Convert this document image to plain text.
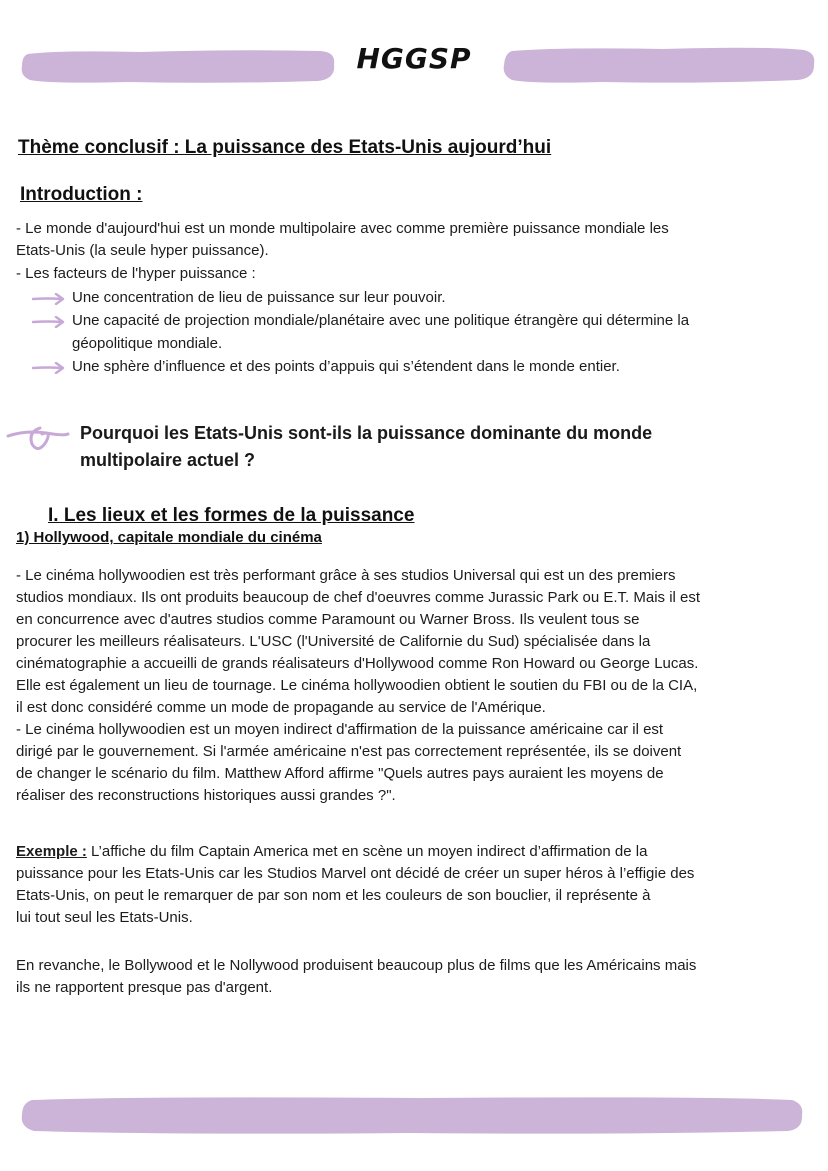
HGGSP
Thème conclusif : La puissance des Etats-Unis aujourd’hui
Introduction :
- Le monde d'aujourd'hui est un monde multipolaire avec comme première puissance mondiale les
Etats-Unis (la seule hyper puissance).
- Les facteurs de l'hyper puissance :
Une concentration de lieu de puissance sur leur pouvoir.
Une capacité de projection mondiale/planétaire avec une politique étrangère qui détermine la
géopolitique mondiale.
Une sphère d’influence et des points d’appuis qui s’étendent dans le monde entier.
Pourquoi les Etats-Unis sont-ils la puissance dominante du monde
multipolaire actuel ?
I. Les lieux et les formes de la puissance
1) Hollywood, capitale mondiale du cinéma
- Le cinéma hollywoodien est très performant grâce à ses studios Universal qui est un des premiers
studios mondiaux. Ils ont produits beaucoup de chef d'oeuvres comme Jurassic Park ou E.T. Mais il est
en concurrence avec d'autres studios comme Paramount ou Warner Bross. Ils veulent tous se
procurer les meilleurs réalisateurs. L'USC (l'Université de Californie du Sud) spécialisée dans la
cinématographie a accueilli de grands réalisateurs d'Hollywood comme Ron Howard ou George Lucas.
Elle est également un lieu de tournage. Le cinéma hollywoodien obtient le soutien du FBI ou de la CIA,
il est donc considéré comme un mode de propagande au service de l'Amérique.
- Le cinéma hollywoodien est un moyen indirect d'affirmation de la puissance américaine car il est
dirigé par le gouvernement. Si l'armée américaine n'est pas correctement représentée, ils se doivent
de changer le scénario du film. Matthew Afford affirme "Quels autres pays auraient les moyens de
réaliser des reconstructions historiques aussi grandes ?".
Exemple : L’affiche du film Captain America met en scène un moyen indirect d’affirmation de la
puissance pour les Etats-Unis car les Studios Marvel ont décidé de créer un super héros à l’effigie des
Etats-Unis, on peut le remarquer de par son nom et les couleurs de son bouclier, il représente à
lui tout seul les Etats-Unis.
En revanche, le Bollywood et le Nollywood produisent beaucoup plus de films que les Américains mais
ils ne rapportent presque pas d'argent.
